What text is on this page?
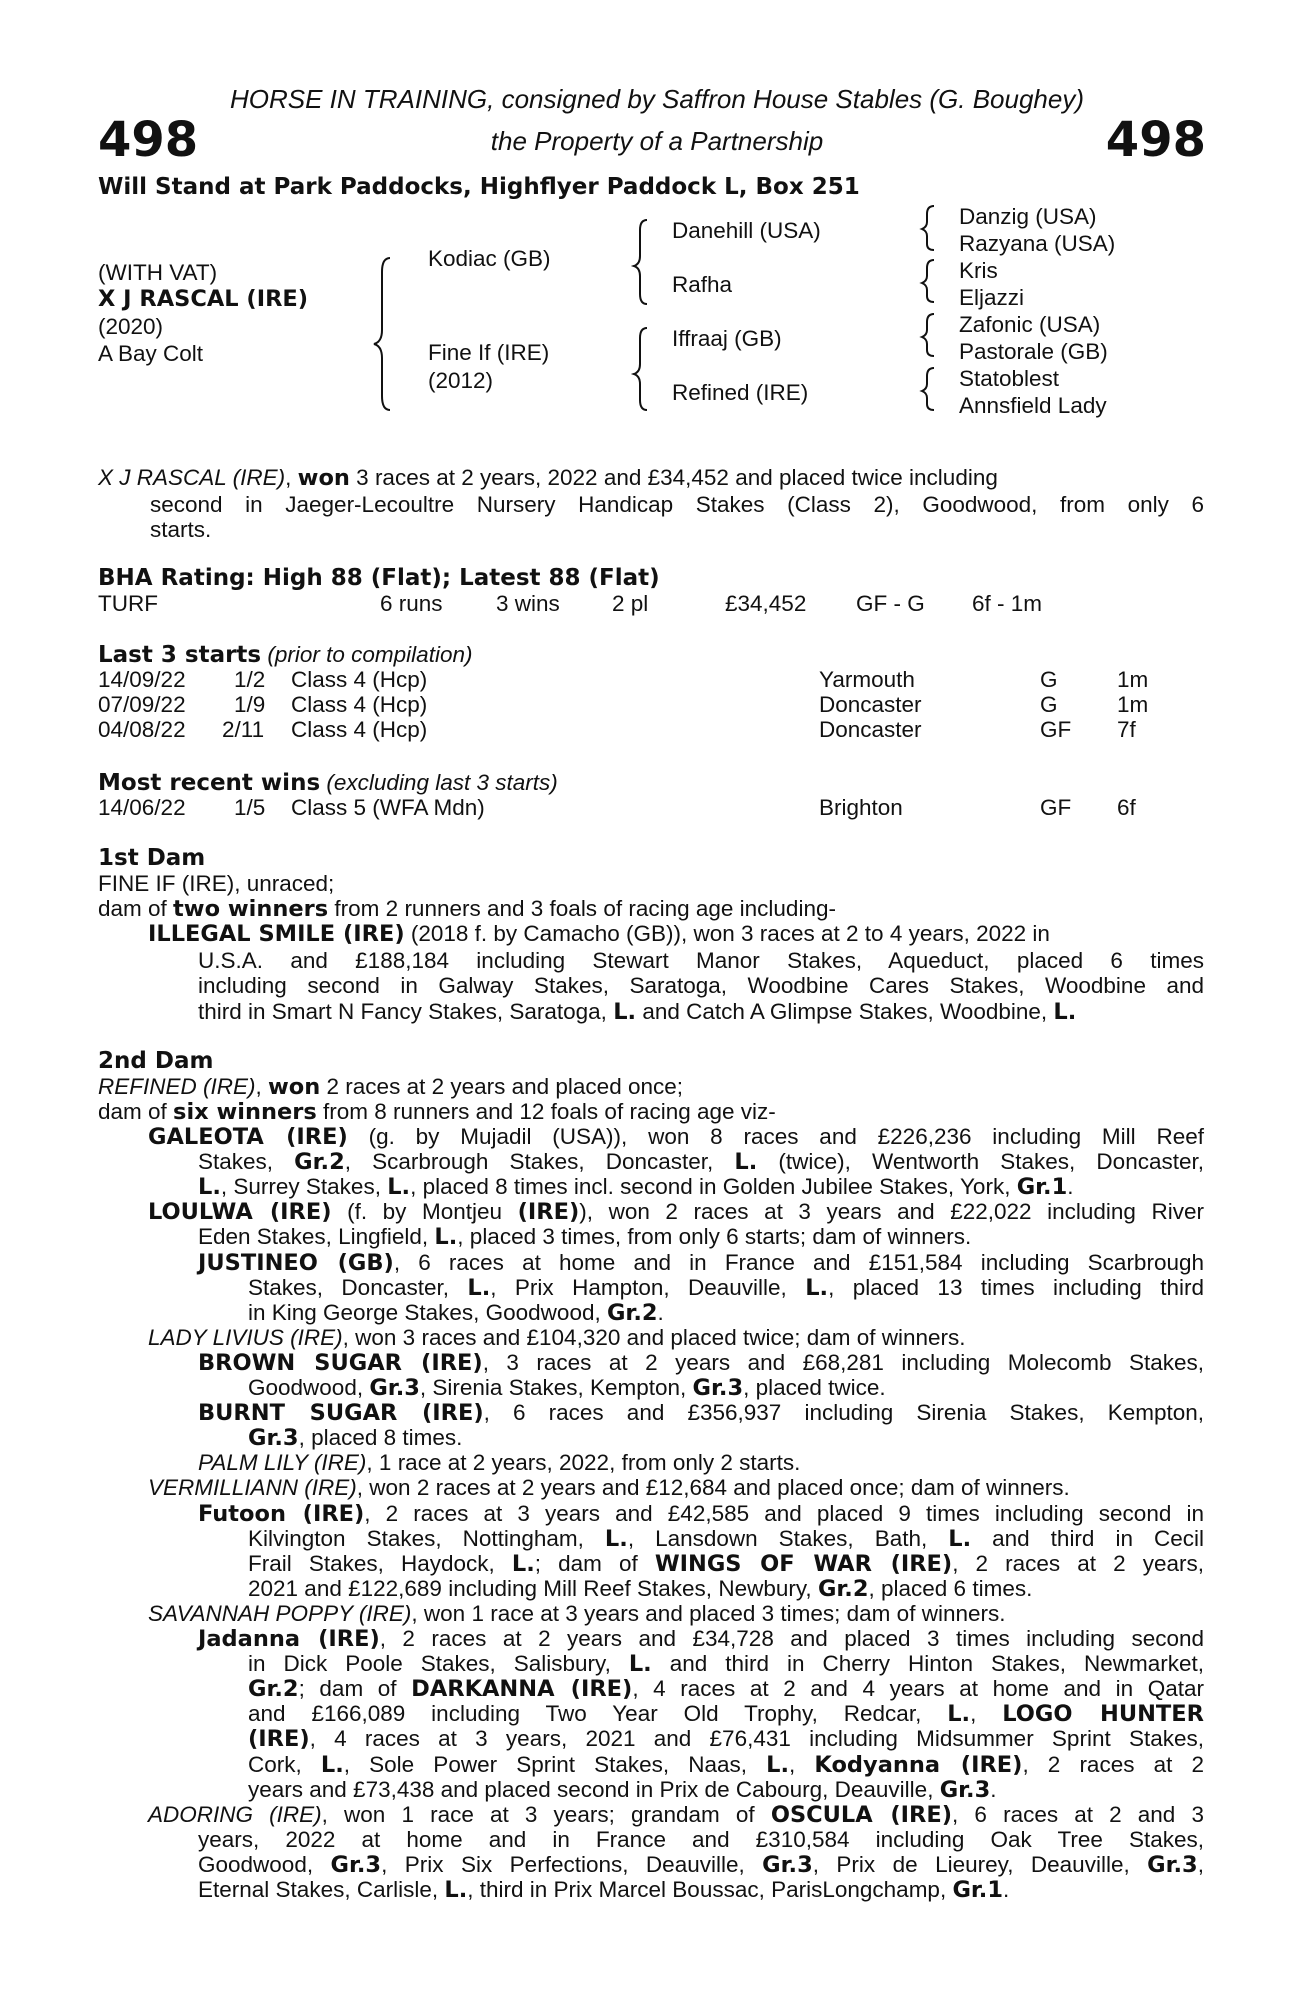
498	498
HORSE IN TRAINING, consigned by Saffron House Stables (G. Boughey)
the Property of a Partnership
Will Stand at Park Paddocks, Highflyer Paddock L, Box 251
(WITH VAT)
X J RASCAL (IRE)
(2020)
A Bay Colt
Kodiac (GB)
Fine If (IRE)
(2012)
Danehill (USA)
Rafha
Iffraaj (GB)
Refined (IRE)
Danzig (USA)
Razyana (USA)
Kris
Eljazzi
Zafonic (USA)
Pastorale (GB)
Statoblest
Annsfield Lady
X J RASCAL (IRE), won 3 races at 2 years, 2022 and £34,452 and placed twice including
second in Jaeger-Lecoultre Nursery Handicap Stakes (Class 2), Goodwood, from only 6
starts.
BHA Rating: High 88 (Flat); Latest 88 (Flat)
TURF	6 runs 3 wins 2 pl	£34,452 GF - G 6f - 1m
Last 3 starts (prior to compilation)
14/09/22 1/2 Class 4 (Hcp)	Yarmouth	G	1m
07/09/22 1/9 Class 4 (Hcp)	Doncaster	G	1m
04/08/22 2/11 Class 4 (Hcp)	Doncaster	GF 7f
Most recent wins (excluding last 3 starts)
14/06/22 1/5 Class 5 (WFA Mdn)	Brighton	GF 6f
1st Dam
FINE IF (IRE), unraced;
dam of two winners from 2 runners and 3 foals of racing age including-
ILLEGAL SMILE (IRE) (2018 f. by Camacho (GB)), won 3 races at 2 to 4 years, 2022 in
U.S.A. and £188,184 including Stewart Manor Stakes, Aqueduct, placed 6 times
including second in Galway Stakes, Saratoga, Woodbine Cares Stakes, Woodbine and
third in Smart N Fancy Stakes, Saratoga, L. and Catch A Glimpse Stakes, Woodbine, L.
2nd Dam
REFINED (IRE), won 2 races at 2 years and placed once;
dam of six winners from 8 runners and 12 foals of racing age viz-
GALEOTA (IRE) (g. by Mujadil (USA)), won 8 races and £226,236 including Mill Reef
Stakes, Gr.2, Scarbrough Stakes, Doncaster, L. (twice), Wentworth Stakes, Doncaster,
L., Surrey Stakes, L., placed 8 times incl. second in Golden Jubilee Stakes, York, Gr.1.
LOULWA (IRE) (f. by Montjeu (IRE)), won 2 races at 3 years and £22,022 including River
Eden Stakes, Lingfield, L., placed 3 times, from only 6 starts; dam of winners.
JUSTINEO (GB), 6 races at home and in France and £151,584 including Scarbrough
Stakes, Doncaster, L., Prix Hampton, Deauville, L., placed 13 times including third
in King George Stakes, Goodwood, Gr.2.
LADY LIVIUS (IRE), won 3 races and £104,320 and placed twice; dam of winners.
BROWN SUGAR (IRE), 3 races at 2 years and £68,281 including Molecomb Stakes,
Goodwood, Gr.3, Sirenia Stakes, Kempton, Gr.3, placed twice.
BURNT SUGAR (IRE), 6 races and £356,937 including Sirenia Stakes, Kempton,
Gr.3, placed 8 times.
PALM LILY (IRE), 1 race at 2 years, 2022, from only 2 starts.
VERMILLIANN (IRE), won 2 races at 2 years and £12,684 and placed once; dam of winners.
Futoon (IRE), 2 races at 3 years and £42,585 and placed 9 times including second in
Kilvington Stakes, Nottingham, L., Lansdown Stakes, Bath, L. and third in Cecil
Frail Stakes, Haydock, L.; dam of WINGS OF WAR (IRE), 2 races at 2 years,
2021 and £122,689 including Mill Reef Stakes, Newbury, Gr.2, placed 6 times.
SAVANNAH POPPY (IRE), won 1 race at 3 years and placed 3 times; dam of winners.
Jadanna (IRE), 2 races at 2 years and £34,728 and placed 3 times including second
in Dick Poole Stakes, Salisbury, L. and third in Cherry Hinton Stakes, Newmarket,
Gr.2; dam of DARKANNA (IRE), 4 races at 2 and 4 years at home and in Qatar
and £166,089 including Two Year Old Trophy, Redcar, L., LOGO HUNTER
(IRE), 4 races at 3 years, 2021 and £76,431 including Midsummer Sprint Stakes,
Cork, L., Sole Power Sprint Stakes, Naas, L., Kodyanna (IRE), 2 races at 2
years and £73,438 and placed second in Prix de Cabourg, Deauville, Gr.3.
ADORING (IRE), won 1 race at 3 years; grandam of OSCULA (IRE), 6 races at 2 and 3
years, 2022 at home and in France and £310,584 including Oak Tree Stakes,
Goodwood, Gr.3, Prix Six Perfections, Deauville, Gr.3, Prix de Lieurey, Deauville, Gr.3,
Eternal Stakes, Carlisle, L., third in Prix Marcel Boussac, ParisLongchamp, Gr.1.
